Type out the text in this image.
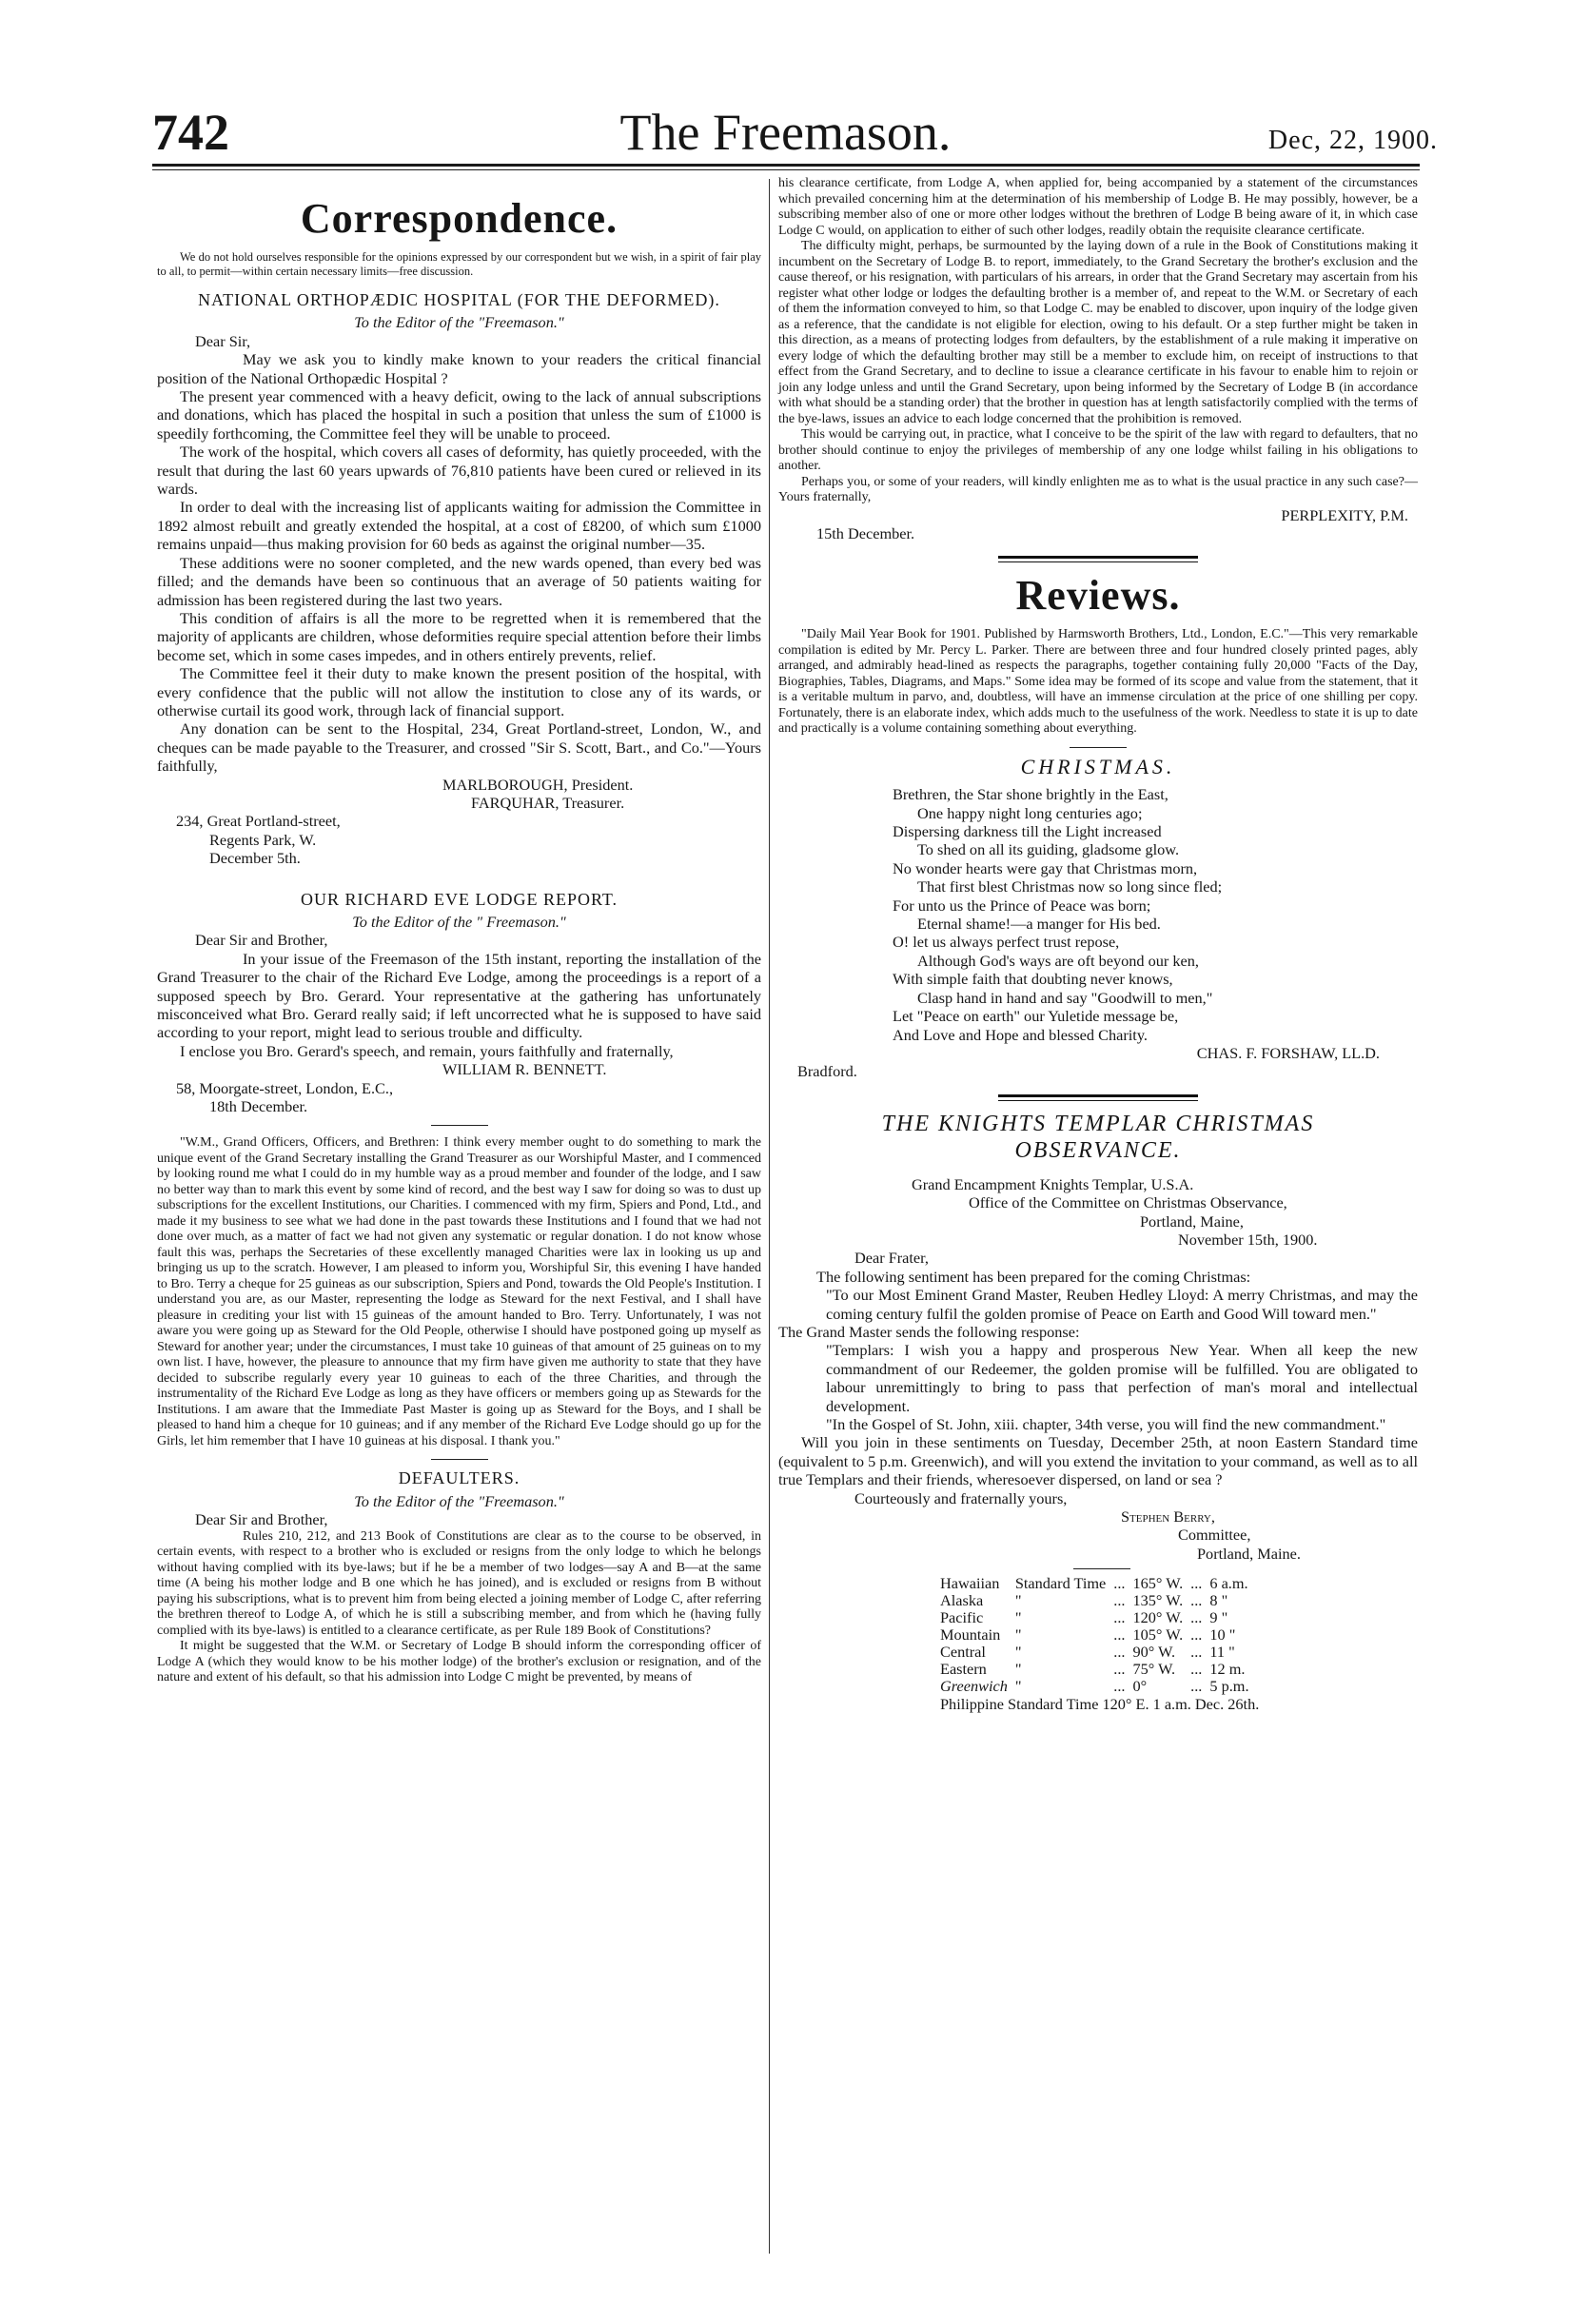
742	The Freemason.	Dec, 22, 1900.
Correspondence.

We do not hold ourselves responsible for the opinions expressed by our correspondent but we wish, in a spirit of fair play to all, to permit—within certain necessary limits—free discussion.

NATIONAL ORTHOPÆDIC HOSPITAL (FOR THE DEFORMED).

To the Editor of the "Freemason."

Dear Sir,

May we ask you to kindly make known to your readers the critical financial position of the National Orthopædic Hospital ?

The present year commenced with a heavy deficit, owing to the lack of annual subscriptions and donations, which has placed the hospital in such a position that unless the sum of £1000 is speedily forthcoming, the Committee feel they will be unable to proceed.

The work of the hospital, which covers all cases of deformity, has quietly proceeded, with the result that during the last 60 years upwards of 76,810 patients have been cured or relieved in its wards.

In order to deal with the increasing list of applicants waiting for admission the Committee in 1892 almost rebuilt and greatly extended the hospital, at a cost of £8200, of which sum £1000 remains unpaid—thus making provision for 60 beds as against the original number—35.

These additions were no sooner completed, and the new wards opened, than every bed was filled; and the demands have been so continuous that an average of 50 patients waiting for admission has been registered during the last two years.

This condition of affairs is all the more to be regretted when it is remembered that the majority of applicants are children, whose deformities require special attention before their limbs become set, which in some cases impedes, and in others entirely prevents, relief.

The Committee feel it their duty to make known the present position of the hospital, with every confidence that the public will not allow the institution to close any of its wards, or otherwise curtail its good work, through lack of financial support.

Any donation can be sent to the Hospital, 234, Great Portland-street, London, W., and cheques can be made payable to the Treasurer, and crossed "Sir S. Scott, Bart., and Co."—Yours faithfully,

MARLBOROUGH, President.

FARQUHAR, Treasurer.

234, Great Portland-street,

Regents Park, W.

December 5th.

OUR RICHARD EVE LODGE REPORT.

To the Editor of the " Freemason."

Dear Sir and Brother,

In your issue of the Freemason of the 15th instant, reporting the installation of the Grand Treasurer to the chair of the Richard Eve Lodge, among the proceedings is a report of a supposed speech by Bro. Gerard. Your representative at the gathering has unfortunately misconceived what Bro. Gerard really said; if left uncorrected what he is supposed to have said according to your report, might lead to serious trouble and difficulty.

I enclose you Bro. Gerard's speech, and remain, yours faithfully and fraternally,

WILLIAM R. BENNETT.

58, Moorgate-street, London, E.C.,

18th December.

"W.M., Grand Officers, Officers, and Brethren: I think every member ought to do something to mark the unique event of the Grand Secretary installing the Grand Treasurer as our Worshipful Master, and I commenced by looking round me what I could do in my humble way as a proud member and founder of the lodge, and I saw no better way than to mark this event by some kind of record, and the best way I saw for doing so was to dust up subscriptions for the excellent Institutions, our Charities. I commenced with my firm, Spiers and Pond, Ltd., and made it my business to see what we had done in the past towards these Institutions and I found that we had not done over much, as a matter of fact we had not given any systematic or regular donation. I do not know whose fault this was, perhaps the Secretaries of these excellently managed Charities were lax in looking us up and bringing us up to the scratch. However, I am pleased to inform you, Worshipful Sir, this evening I have handed to Bro. Terry a cheque for 25 guineas as our subscription, Spiers and Pond, towards the Old People's Institution. I understand you are, as our Master, representing the lodge as Steward for the next Festival, and I shall have pleasure in crediting your list with 15 guineas of the amount handed to Bro. Terry. Unfortunately, I was not aware you were going up as Steward for the Old People, otherwise I should have postponed going up myself as Steward for another year; under the circumstances, I must take 10 guineas of that amount of 25 guineas on to my own list. I have, however, the pleasure to announce that my firm have given me authority to state that they have decided to subscribe regularly every year 10 guineas to each of the three Charities, and through the instrumentality of the Richard Eve Lodge as long as they have officers or members going up as Stewards for the Institutions. I am aware that the Immediate Past Master is going up as Steward for the Boys, and I shall be pleased to hand him a cheque for 10 guineas; and if any member of the Richard Eve Lodge should go up for the Girls, let him remember that I have 10 guineas at his disposal. I thank you."

DEFAULTERS.

To the Editor of the "Freemason."

Dear Sir and Brother,

Rules 210, 212, and 213 Book of Constitutions are clear as to the course to be observed, in certain events, with respect to a brother who is excluded or resigns from the only lodge to which he belongs without having complied with its bye-laws; but if he be a member of two lodges—say A and B—at the same time (A being his mother lodge and B one which he has joined), and is excluded or resigns from B without paying his subscriptions, what is to prevent him from being elected a joining member of Lodge C, after referring the brethren thereof to Lodge A, of which he is still a subscribing member, and from which he (having fully complied with its bye-laws) is entitled to a clearance certificate, as per Rule 189 Book of Constitutions?

It might be suggested that the W.M. or Secretary of Lodge B should inform the corresponding officer of Lodge A (which they would know to be his mother lodge) of the brother's exclusion or resignation, and of the nature and extent of his default, so that his admission into Lodge C might be prevented, by means of

his clearance certificate, from Lodge A, when applied for, being accompanied by a statement of the circumstances which prevailed concerning him at the determination of his membership of Lodge B. He may possibly, however, be a subscribing member also of one or more other lodges without the brethren of Lodge B being aware of it, in which case Lodge C would, on application to either of such other lodges, readily obtain the requisite clearance certificate.

The difficulty might, perhaps, be surmounted by the laying down of a rule in the Book of Constitutions making it incumbent on the Secretary of Lodge B. to report, immediately, to the Grand Secretary the brother's exclusion and the cause thereof, or his resignation, with particulars of his arrears, in order that the Grand Secretary may ascertain from his register what other lodge or lodges the defaulting brother is a member of, and repeat to the W.M. or Secretary of each of them the information conveyed to him, so that Lodge C. may be enabled to discover, upon inquiry of the lodge given as a reference, that the candidate is not eligible for election, owing to his default. Or a step further might be taken in this direction, as a means of protecting lodges from defaulters, by the establishment of a rule making it imperative on every lodge of which the defaulting brother may still be a member to exclude him, on receipt of instructions to that effect from the Grand Secretary, and to decline to issue a clearance certificate in his favour to enable him to rejoin or join any lodge unless and until the Grand Secretary, upon being informed by the Secretary of Lodge B (in accordance with what should be a standing order) that the brother in question has at length satisfactorily complied with the terms of the bye-laws, issues an advice to each lodge concerned that the prohibition is removed.

This would be carrying out, in practice, what I conceive to be the spirit of the law with regard to defaulters, that no brother should continue to enjoy the privileges of membership of any one lodge whilst failing in his obligations to another.

Perhaps you, or some of your readers, will kindly enlighten me as to what is the usual practice in any such case?—Yours fraternally,

PERPLEXITY, P.M.

15th December.

Reviews.

"Daily Mail Year Book for 1901. Published by Harmsworth Brothers, Ltd., London, E.C."—This very remarkable compilation is edited by Mr. Percy L. Parker. There are between three and four hundred closely printed pages, ably arranged, and admirably head-lined as respects the paragraphs, together containing fully 20,000 "Facts of the Day, Biographies, Tables, Diagrams, and Maps." Some idea may be formed of its scope and value from the statement, that it is a veritable multum in parvo, and, doubtless, will have an immense circulation at the price of one shilling per copy. Fortunately, there is an elaborate index, which adds much to the usefulness of the work. Needless to state it is up to date and practically is a volume containing something about everything.

CHRISTMAS.

Brethren, the Star shone brightly in the East,

One happy night long centuries ago;

Dispersing darkness till the Light increased

To shed on all its guiding, gladsome glow.

No wonder hearts were gay that Christmas morn,

That first blest Christmas now so long since fled;

For unto us the Prince of Peace was born;

Eternal shame!—a manger for His bed.

O! let us always perfect trust repose,

Although God's ways are oft beyond our ken,

With simple faith that doubting never knows,

Clasp hand in hand and say "Goodwill to men,"

Let "Peace on earth" our Yuletide message be,

And Love and Hope and blessed Charity.

CHAS. F. FORSHAW, LL.D.

Bradford.

THE KNIGHTS TEMPLAR CHRISTMAS
OBSERVANCE.

Grand Encampment Knights Templar, U.S.A.

Office of the Committee on Christmas Observance,

Portland, Maine,

November 15th, 1900.

Dear Frater,

The following sentiment has been prepared for the coming Christmas:

"To our Most Eminent Grand Master, Reuben Hedley Lloyd: A merry Christmas, and may the coming century fulfil the golden promise of Peace on Earth and Good Will toward men."

The Grand Master sends the following response:

"Templars: I wish you a happy and prosperous New Year. When all keep the new commandment of our Redeemer, the golden promise will be fulfilled. You are obligated to labour unremittingly to bring to pass that perfection of man's moral and intellectual development.

"In the Gospel of St. John, xiii. chapter, 34th verse, you will find the new commandment."

Will you join in these sentiments on Tuesday, December 25th, at noon Eastern Standard time (equivalent to 5 p.m. Greenwich), and will you extend the invitation to your command, as well as to all true Templars and their friends, wheresoever dispersed, on land or sea ?

Courteously and fraternally yours,

Stephen Berry,

Committee,

Portland, Maine.

Hawaiian	Standard Time	...	165° W.	...	6 a.m.
Alaska	"	...	135° W.	...	8 "
Pacific	"	...	120° W.	...	9 "
Mountain	"	...	105° W.	...	10 "
Central	"	...	90° W.	...	11 "
Eastern	"	...	75° W.	...	12 m.
Greenwich	"	...	0°	...	5 p.m.

Philippine Standard Time 120° E. 1 a.m. Dec. 26th.
